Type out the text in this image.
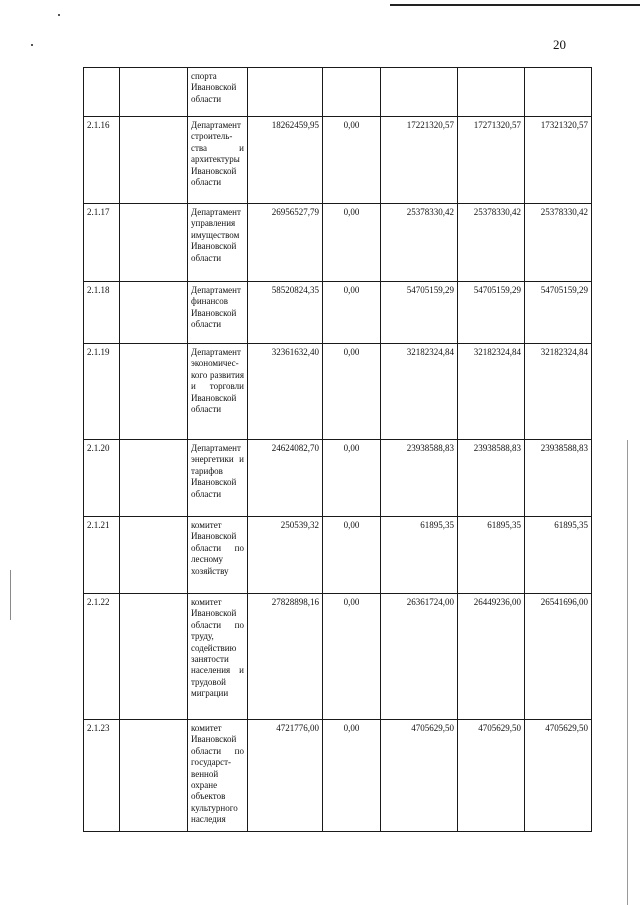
20
		спорта Ивановской области					
2.1.16		Департамент строитель-ства и архитектуры Ивановской области	18262459,95	0,00	17221320,57	17271320,57	17321320,57
2.1.17		Департамент управления имуществом Ивановской области	26956527,79	0,00	25378330,42	25378330,42	25378330,42
2.1.18		Департамент финансов Ивановской области	58520824,35	0,00	54705159,29	54705159,29	54705159,29
2.1.19		Департамент экономичес-кого развития и торговли Ивановской области	32361632,40	0,00	32182324,84	32182324,84	32182324,84
2.1.20		Департамент энергетики и тарифов Ивановской области	24624082,70	0,00	23938588,83	23938588,83	23938588,83
2.1.21		комитет Ивановской области по лесному хозяйству	250539,32	0,00	61895,35	61895,35	61895,35
2.1.22		комитет Ивановской области по труду, содействию занятости населения и трудовой миграции	27828898,16	0,00	26361724,00	26449236,00	26541696,00
2.1.23		комитет Ивановской области по государст-венной охране объектов культурного наследия	4721776,00	0,00	4705629,50	4705629,50	4705629,50
